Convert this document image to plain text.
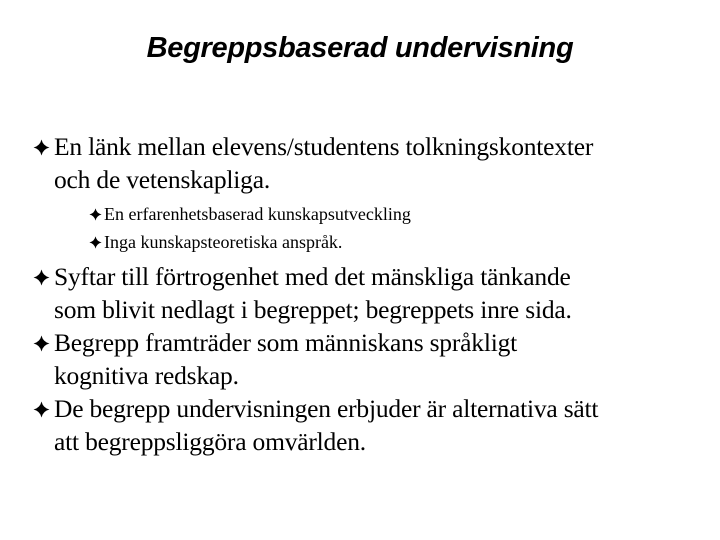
Begreppsbaserad undervisning
En länk mellan elevens/studentens tolkningskontexter
och de vetenskapliga.
En erfarenhetsbaserad kunskapsutveckling
Inga kunskapsteoretiska anspråk.
Syftar till förtrogenhet med det mänskliga tänkande
som blivit nedlagt i begreppet; begreppets inre sida.
Begrepp framträder som människans språkligt
kognitiva redskap.
De begrepp undervisningen erbjuder är alternativa sätt
att begreppsliggöra omvärlden.
